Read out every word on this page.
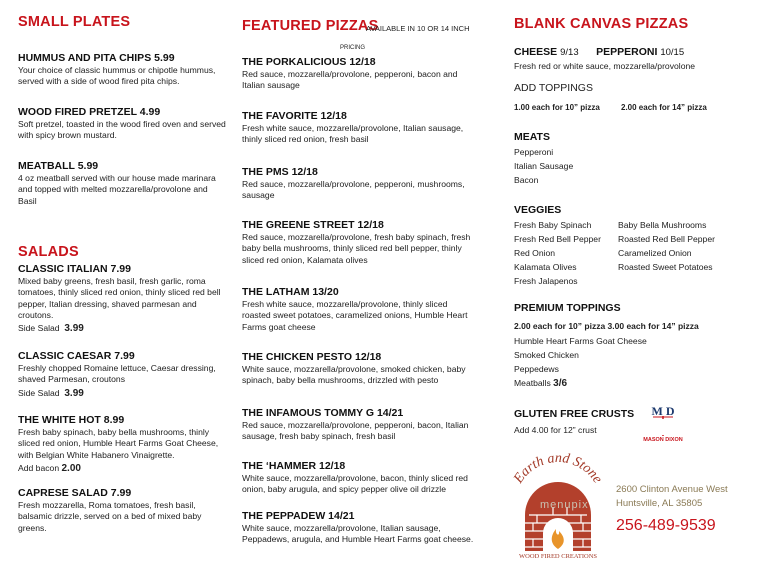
SMALL PLATES
HUMMUS AND PITA CHIPS 5.99
Your choice of classic hummus or chipotle hummus, served with a side of wood fired pita chips.
WOOD FIRED PRETZEL 4.99
Soft pretzel, toasted in the wood fired oven and served with spicy brown mustard.
MEATBALL 5.99
4 oz meatball served with our house made marinara and topped with melted mozzarella/provolone and Basil
SALADS
CLASSIC ITALIAN 7.99
Mixed baby greens, fresh basil, fresh garlic, roma tomatoes, thinly sliced red onion, thinly sliced red bell pepper, Italian dressing, shaved parmesan and croutons.
Side Salad 3.99
CLASSIC CAESAR 7.99
Freshly chopped Romaine lettuce, Caesar dressing, shaved Parmesan, croutons
Side Salad 3.99
THE WHITE HOT 8.99
Fresh baby spinach, baby bella mushrooms, thinly sliced red onion, Humble Heart Farms Goat Cheese, with Belgian White Habanero Vinaigrette.
Add bacon 2.00
CAPRESE SALAD 7.99
Fresh mozzarella, Roma tomatoes, fresh basil, balsamic drizzle, served on a bed of mixed baby greens.
FEATURED PIZZAS
AVAILABLE IN 10 OR 14 INCH
PRICING
THE PORKALICIOUS 12/18
Red sauce, mozzarella/provolone, pepperoni, bacon and Italian sausage
THE FAVORITE 12/18
Fresh white sauce, mozzarella/provolone, Italian sausage, thinly sliced red onion, fresh basil
THE PMS 12/18
Red sauce, mozzarella/provolone, pepperoni, mushrooms, sausage
THE GREENE STREET 12/18
Red sauce, mozzarella/provolone, fresh baby spinach, fresh baby bella mushrooms, thinly sliced red bell pepper, thinly sliced red onion, Kalamata olives
THE LATHAM 13/20
Fresh white sauce, mozzarella/provolone, thinly sliced roasted sweet potatoes, caramelized onions, Humble Heart Farms goat cheese
THE CHICKEN PESTO 12/18
White sauce, mozzarella/provolone, smoked chicken, baby spinach, baby bella mushrooms, drizzled with pesto
THE INFAMOUS TOMMY G 14/21
Red sauce, mozzarella/provolone, pepperoni, bacon, Italian sausage, fresh baby spinach, fresh basil
THE ‘HAMMER 12/18
White sauce, mozzarella/provolone, bacon, thinly sliced red onion, baby arugula, and spicy pepper olive oil drizzle
THE PEPPADEW 14/21
White sauce, mozzarella/provolone, Italian sausage, Peppadews, arugula, and Humble Heart Farms goat cheese.
BLANK CANVAS PIZZAS
CHEESE 9/13 PEPPERONI 10/15
Fresh red or white sauce, mozzarella/provolone
ADD TOPPINGS
1.00 each for 10” pizza	2.00 each for 14” pizza
MEATS
Pepperoni
Italian Sausage
Bacon
VEGGIES
Fresh Baby Spinach
Fresh Red Bell Pepper
Red Onion
Kalamata Olives
Fresh Jalapenos
Baby Bella Mushrooms
Roasted Red Bell Pepper
Caramelized Onion
Roasted Sweet Potatoes
PREMIUM TOPPINGS
2.00 each for 10” pizza 3.00 each for 14” pizza
Humble Heart Farms Goat Cheese
Smoked Chicken
Peppedews
Meatballs 3/6
GLUTEN FREE CRUSTS
Add 4.00 for 12” crust
M D
MASON DIXON
Earth and Stone
WOOD FIRED CREATIONS
menupix
2600 Clinton Avenue West
Huntsville, AL 35805
256-489-9539
